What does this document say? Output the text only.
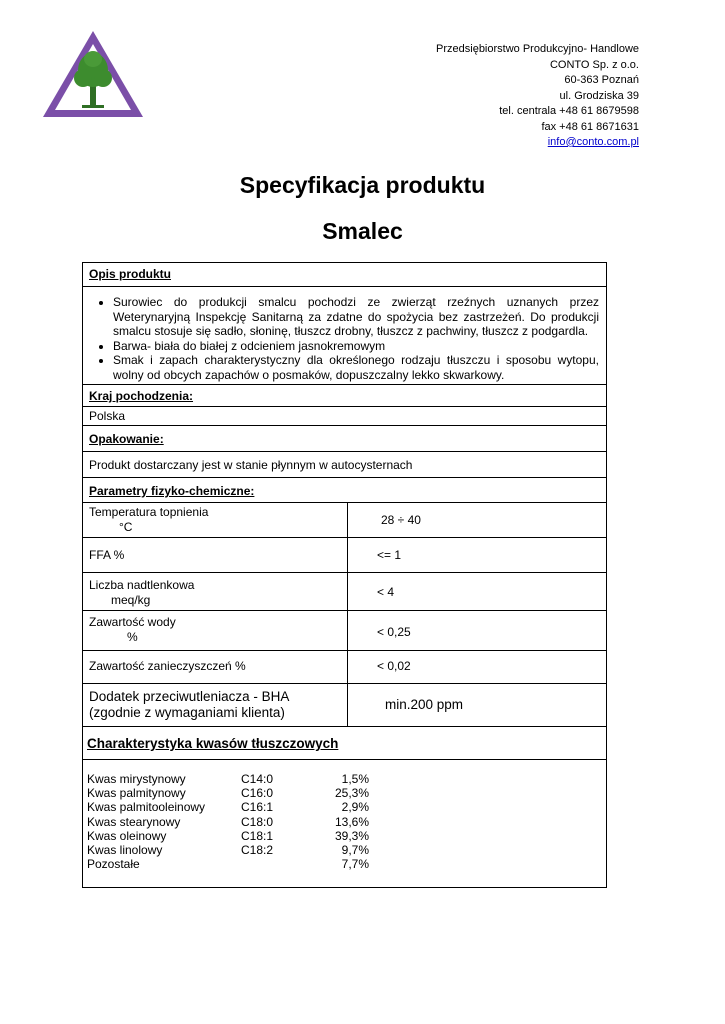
Przedsiębiorstwo Produkcyjno- Handlowe
CONTO Sp. z o.o.
60-363 Poznań
ul. Grodziska 39
tel. centrala +48 61 8679598
fax +48 61 8671631
info@conto.com.pl
Specyfikacja produktu
Smalec
Opis produktu
• Surowiec do produkcji smalcu pochodzi ze zwierząt rzeźnych uznanych przez Weterynaryjną Inspekcję Sanitarną za zdatne do spożycia bez zastrzeżeń. Do produkcji smalcu stosuje się sadło, słoninę, tłuszcz drobny, tłuszcz z pachwiny, tłuszcz z podgardla.
• Barwa- biała do białej z odcieniem jasnokremowym
• Smak i zapach charakterystyczny dla określonego rodzaju tłuszczu i sposobu wytopu, wolny od obcych zapachów o posmaków, dopuszczalny lekko skwarkowy.
Kraj pochodzenia:
Polska
Opakowanie:
Produkt dostarczany jest w stanie płynnym w autocysternach
Parametry fizyko-chemiczne:
Temperatura topnienia
°C	28 ÷ 40
FFA %	<= 1
Liczba nadtlenkowa
meq/kg
< 4
Zawartość wody
%	< 0,25
Zawartość zanieczyszczeń %	< 0,02
Dodatek przeciwutleniacza - BHA
(zgodnie z wymaganiami klienta)
min.200 ppm
Charakterystyka kwasów tłuszczowych
Kwas mirystynowy	C14:0	1,5%
Kwas palmitynowy	C16:0	25,3%
Kwas palmitooleinowy	C16:1	2,9%
Kwas stearynowy	C18:0	13,6%
Kwas oleinowy	C18:1	39,3%
Kwas linolowy	C18:2	9,7%
Pozostałe	7,7%
